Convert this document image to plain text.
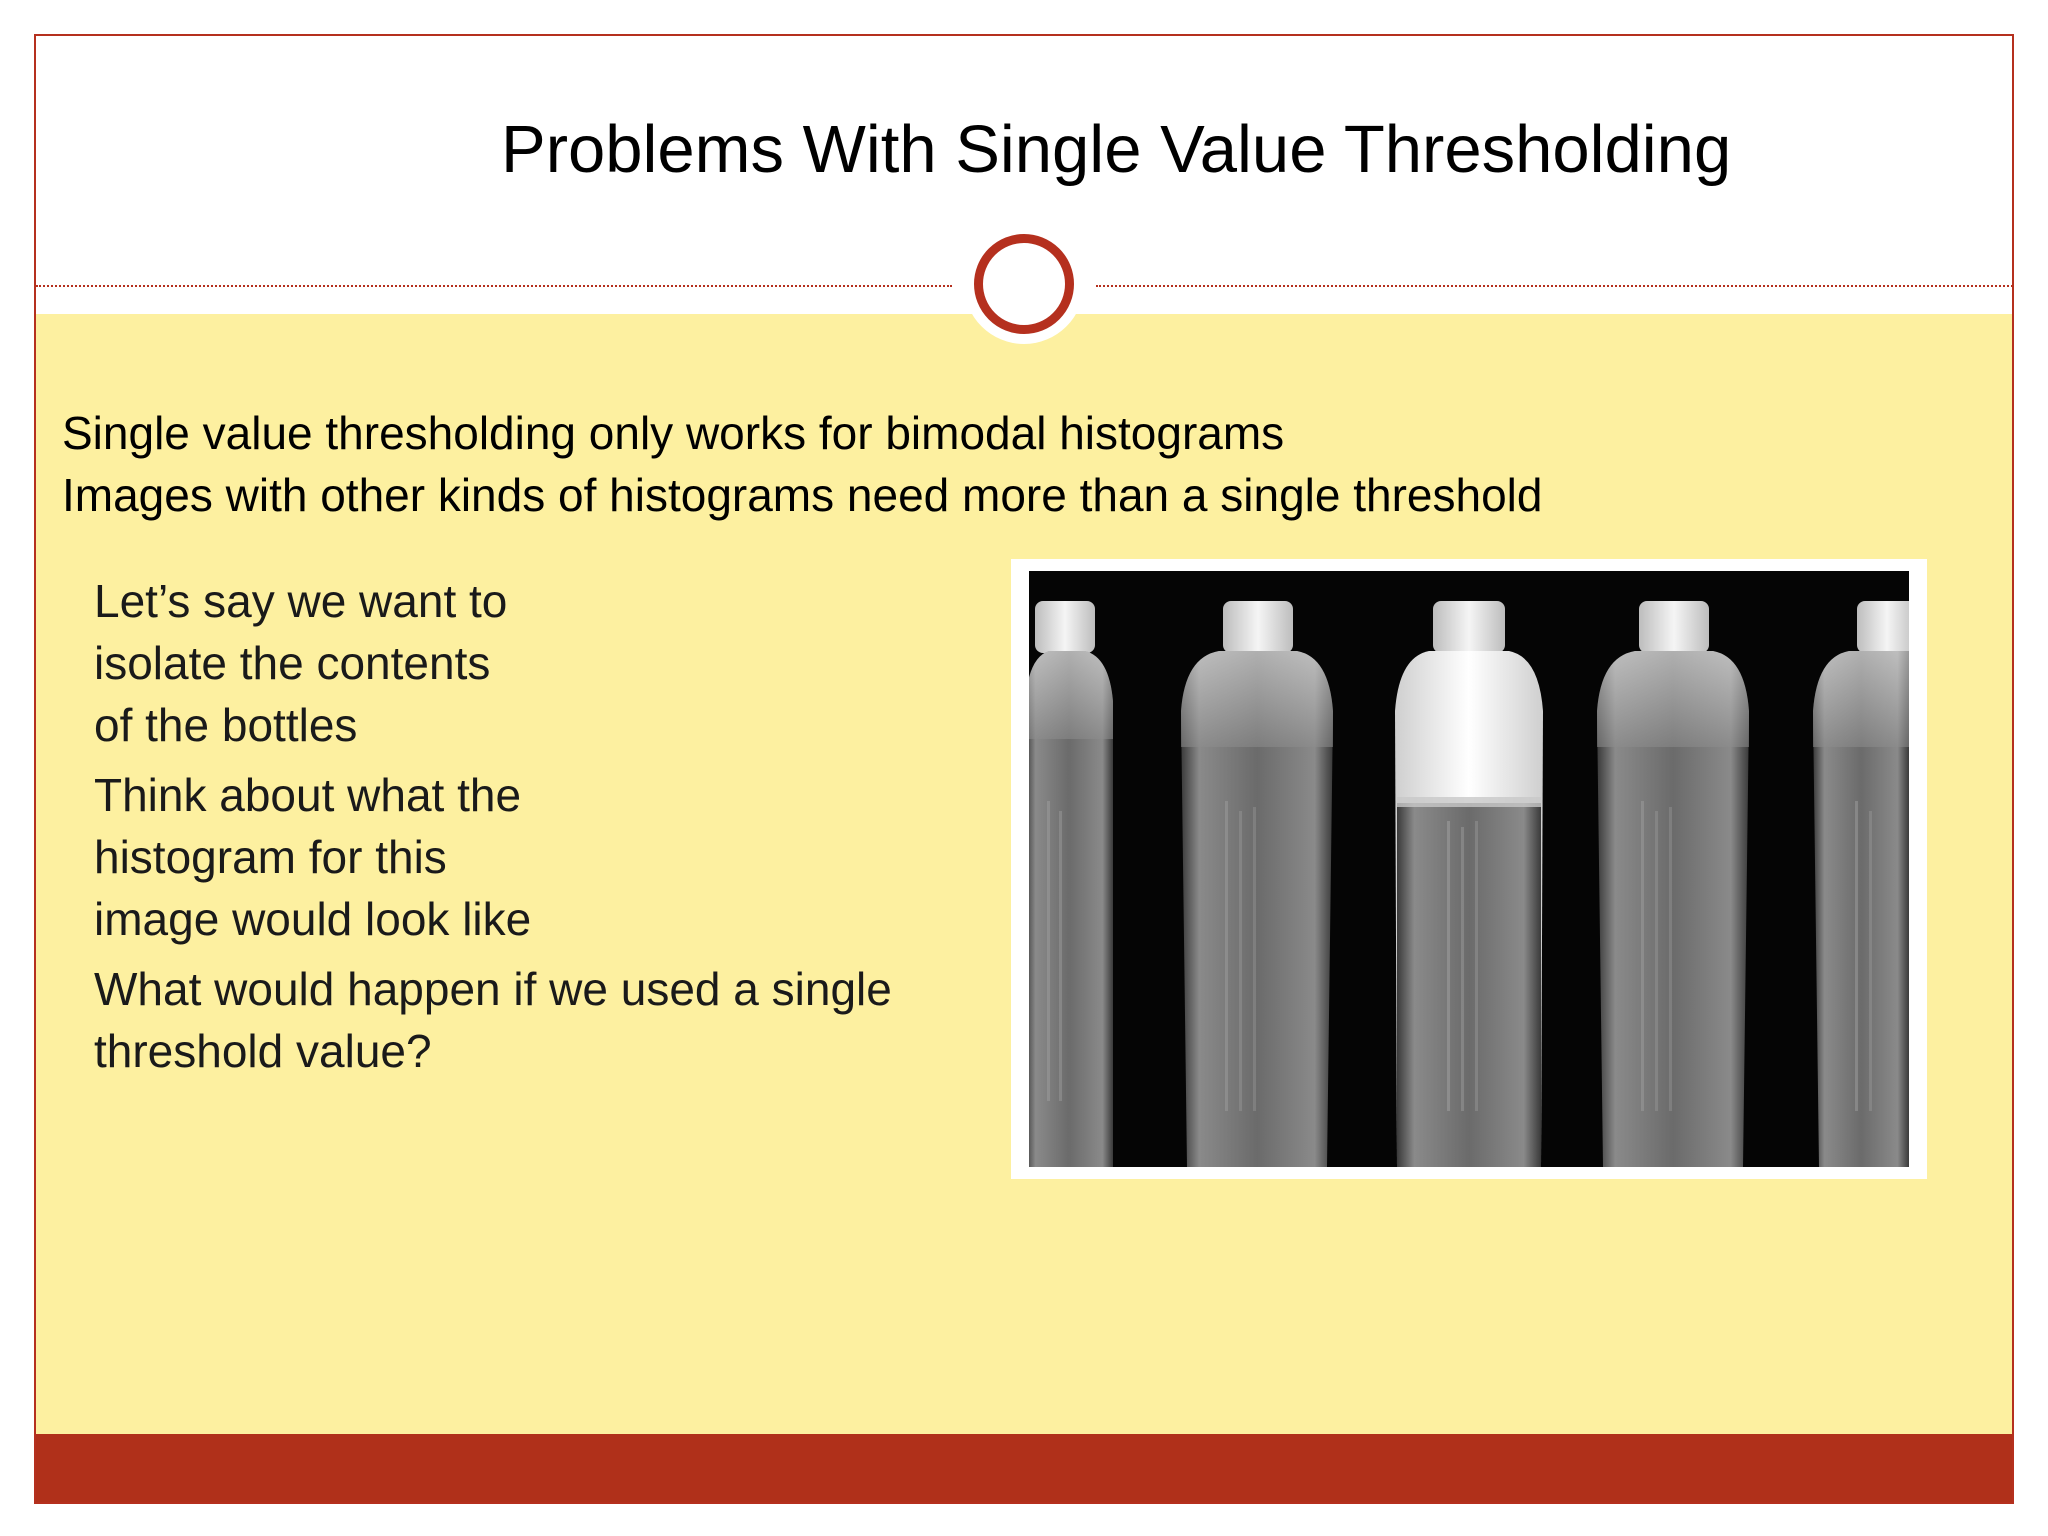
Problems With Single Value Thresholding
Single value thresholding only works for bimodal histograms
Images with other kinds of histograms need more than a single threshold
Let’s say we want to
isolate the contents
of the bottles
Think about what the
histogram for this
image would look like
What would happen if we used a single
threshold value?
